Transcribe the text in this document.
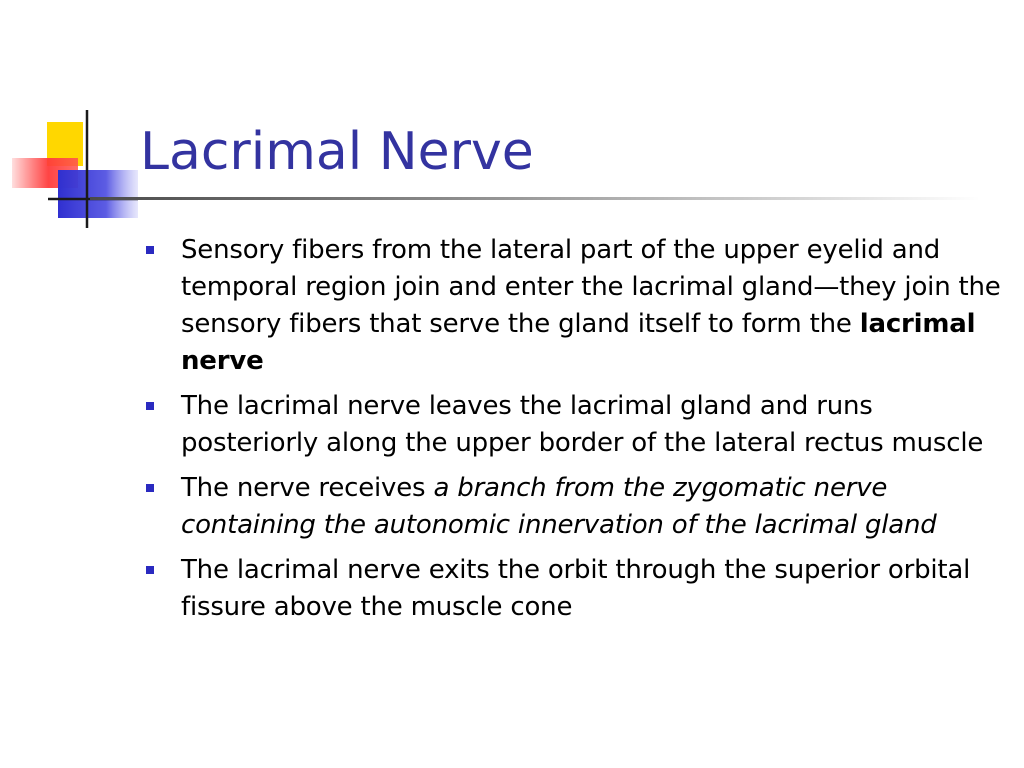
Lacrimal Nerve
Sensory fibers from the lateral part of the upper eyelid and temporal region join and enter the lacrimal gland—they join the sensory fibers that serve the gland itself to form the lacrimal nerve
The lacrimal nerve leaves the lacrimal gland and runs posteriorly along the upper border of the lateral rectus muscle
The nerve receives a branch from the zygomatic nerve containing the autonomic innervation of the lacrimal gland
The lacrimal nerve exits the orbit through the superior orbital fissure above the muscle cone
